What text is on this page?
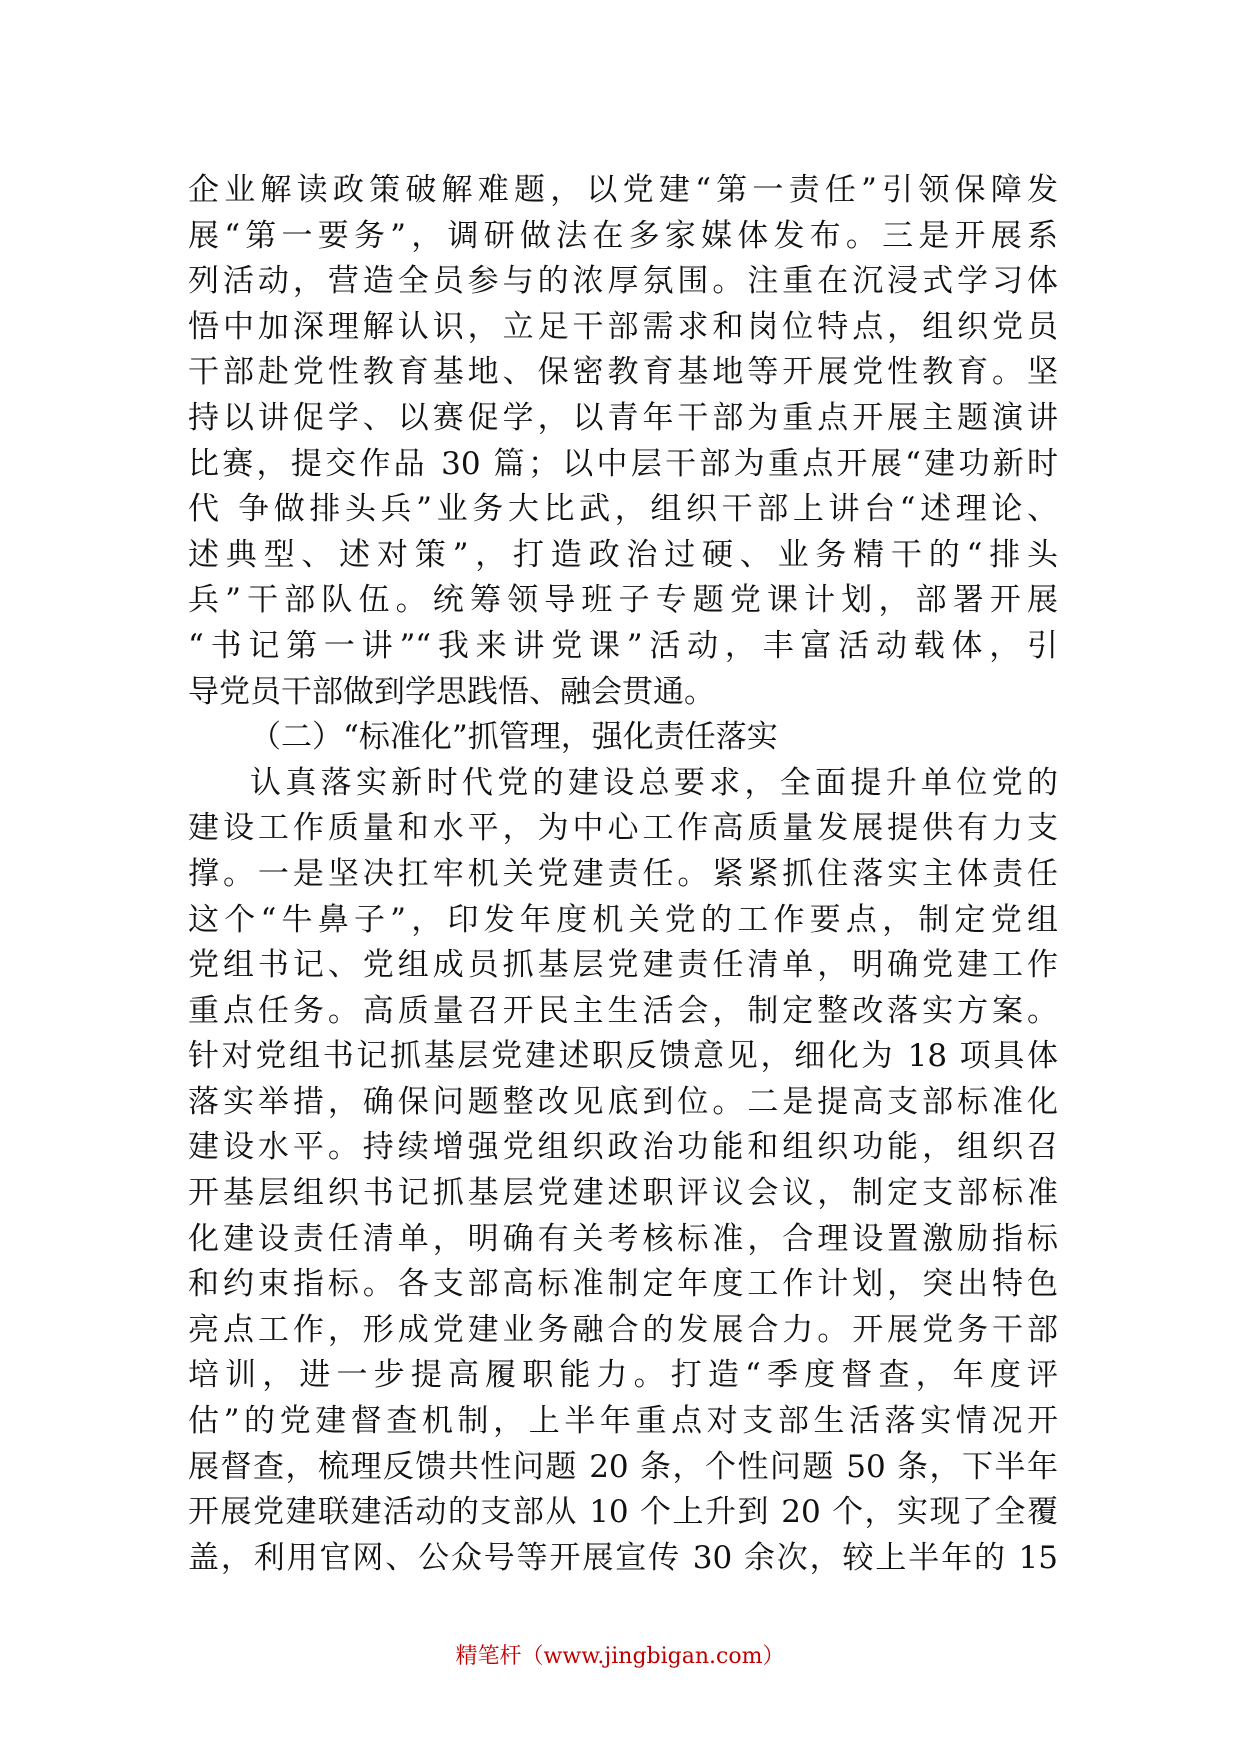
企业解读政策破解难题，以党建“第一责任”引领保障发
展“第一要务”，调研做法在多家媒体发布。三是开展系
列活动，营造全员参与的浓厚氛围。注重在沉浸式学习体
悟中加深理解认识，立足干部需求和岗位特点，组织党员
干部赴党性教育基地、保密教育基地等开展党性教育。坚
持以讲促学、以赛促学，以青年干部为重点开展主题演讲
比赛，提交作品 30 篇；以中层干部为重点开展“建功新时
代 争做排头兵”业务大比武，组织干部上讲台“述理论、
述典型、述对策”，打造政治过硬、业务精干的“排头
兵”干部队伍。统筹领导班子专题党课计划，部署开展
“书记第一讲”“我来讲党课”活动，丰富活动载体，引
导党员干部做到学思践悟、融会贯通。
（二）“标准化”抓管理，强化责任落实
认真落实新时代党的建设总要求，全面提升单位党的
建设工作质量和水平，为中心工作高质量发展提供有力支
撑。一是坚决扛牢机关党建责任。紧紧抓住落实主体责任
这个“牛鼻子”，印发年度机关党的工作要点，制定党组
党组书记、党组成员抓基层党建责任清单，明确党建工作
重点任务。高质量召开民主生活会，制定整改落实方案。
针对党组书记抓基层党建述职反馈意见，细化为 18 项具体
落实举措，确保问题整改见底到位。二是提高支部标准化
建设水平。持续增强党组织政治功能和组织功能，组织召
开基层组织书记抓基层党建述职评议会议，制定支部标准
化建设责任清单，明确有关考核标准，合理设置激励指标
和约束指标。各支部高标准制定年度工作计划，突出特色
亮点工作，形成党建业务融合的发展合力。开展党务干部
培训，进一步提高履职能力。打造“季度督查，年度评
估”的党建督查机制，上半年重点对支部生活落实情况开
展督查，梳理反馈共性问题 20 条，个性问题 50 条，下半年
开展党建联建活动的支部从 10 个上升到 20 个，实现了全覆
盖，利用官网、公众号等开展宣传 30 余次，较上半年的 15
精笔杆（www.jingbigan.com）
